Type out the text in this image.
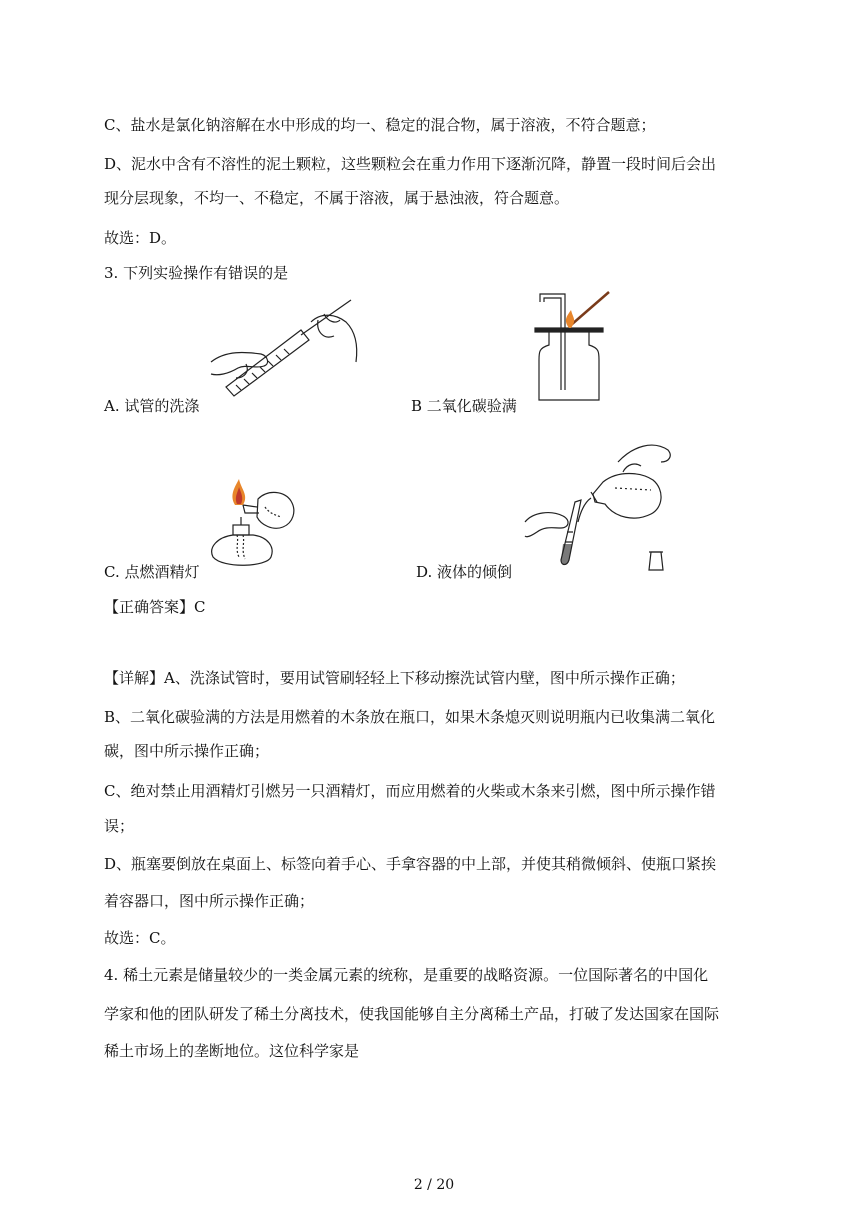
C、盐水是氯化钠溶解在水中形成的均一、稳定的混合物，属于溶液，不符合题意；
D、泥水中含有不溶性的泥土颗粒，这些颗粒会在重力作用下逐渐沉降，静置一段时间后会出
现分层现象，不均一、不稳定，不属于溶液，属于悬浊液，符合题意。
故选：D。
3. 下列实验操作有错误的是
A. 试管的洗涤	B 二氧化碳验满
C. 点燃酒精灯	D. 液体的倾倒
【正确答案】C
【详解】A、洗涤试管时，要用试管刷轻轻上下移动擦洗试管内壁，图中所示操作正确；
B、二氧化碳验满的方法是用燃着的木条放在瓶口，如果木条熄灭则说明瓶内已收集满二氧化
碳，图中所示操作正确；
C、绝对禁止用酒精灯引燃另一只酒精灯，而应用燃着的火柴或木条来引燃，图中所示操作错
误；
D、瓶塞要倒放在桌面上、标签向着手心、手拿容器的中上部，并使其稍微倾斜、使瓶口紧挨
着容器口，图中所示操作正确；
故选：C。
4. 稀土元素是储量较少的一类金属元素的统称，是重要的战略资源。一位国际著名的中国化
学家和他的团队研发了稀土分离技术，使我国能够自主分离稀土产品，打破了发达国家在国际
稀土市场上的垄断地位。这位科学家是
2 / 20
